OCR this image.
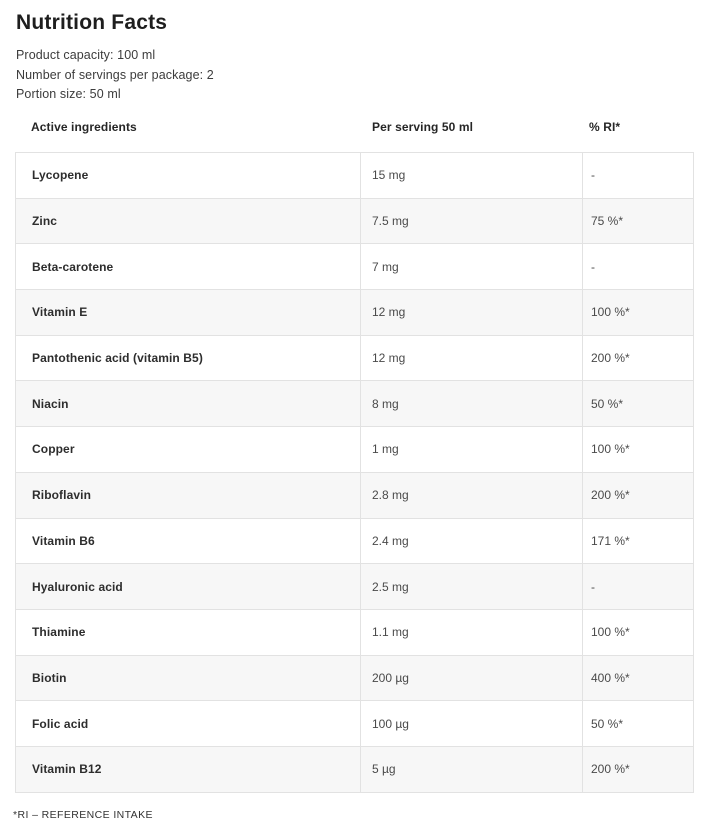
Nutrition Facts
Product capacity: 100 ml
Number of servings per package: 2
Portion size: 50 ml
Active ingredients	Per serving 50 ml	% RI*
Lycopene	15 mg	-
Zinc	7.5 mg	75 %*
Beta-carotene	7 mg	-
Vitamin E	12 mg	100 %*
Pantothenic acid (vitamin B5)	12 mg	200 %*
Niacin	8 mg	50 %*
Copper	1 mg	100 %*
Riboflavin	2.8 mg	200 %*
Vitamin B6	2.4 mg	171 %*
Hyaluronic acid	2.5 mg	-
Thiamine	1.1 mg	100 %*
Biotin	200 µg	400 %*
Folic acid	100 µg	50 %*
Vitamin B12	5 µg	200 %*
*RI – REFERENCE INTAKE
